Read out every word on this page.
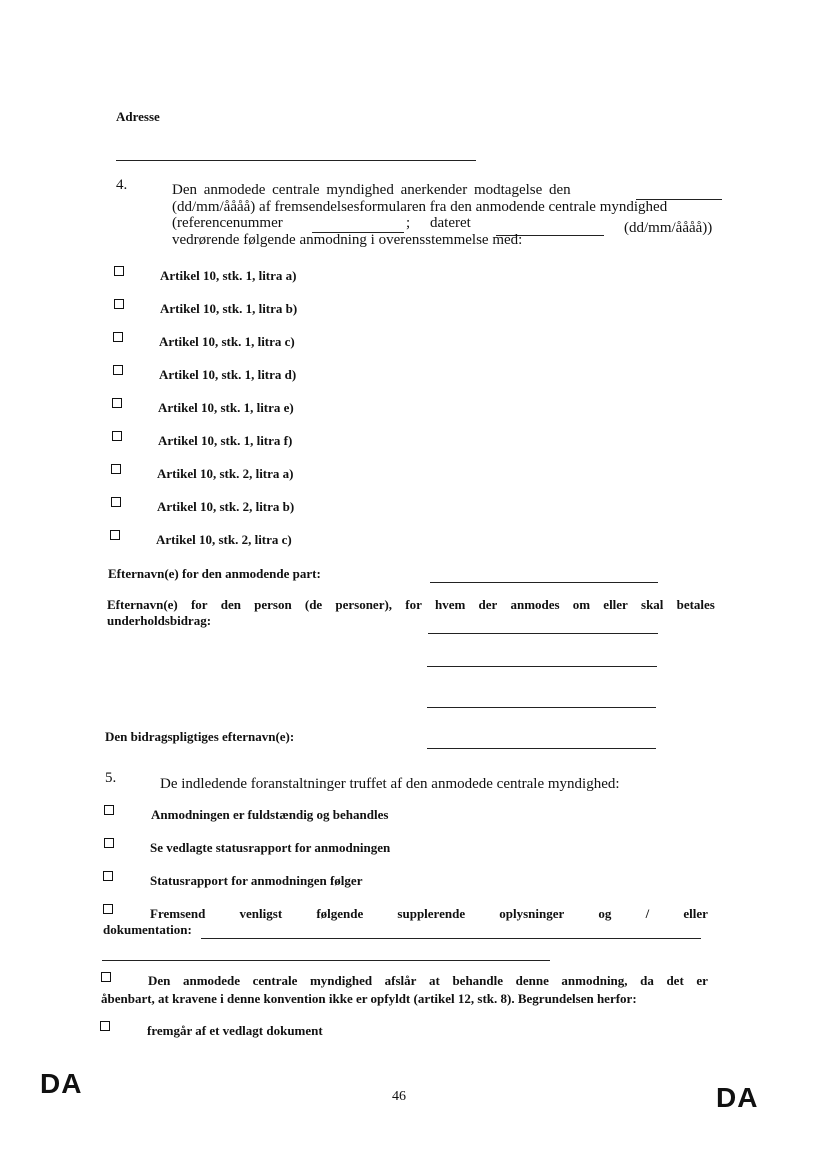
Adresse
4.	Den anmodede centrale myndighed anerkender modtagelse den
(dd/mm/åååå) af fremsendelsesformularen fra den anmodende centrale myndighed
(referencenummer	; dateret	(dd/mm/åååå))
vedrørende følgende anmodning i overensstemmelse med:
Artikel 10, stk. 1, litra a)
Artikel 10, stk. 1, litra b)
Artikel 10, stk. 1, litra c)
Artikel 10, stk. 1, litra d)
Artikel 10, stk. 1, litra e)
Artikel 10, stk. 1, litra f)
Artikel 10, stk. 2, litra a)
Artikel 10, stk. 2, litra b)
Artikel 10, stk. 2, litra c)
Efternavn(e) for den anmodende part:
Efternavn(e) for den person (de personer), for hvem der anmodes om eller skal betales
underholdsbidrag:
Den bidragspligtiges efternavn(e):
5.	De indledende foranstaltninger truffet af den anmodede centrale myndighed:
Anmodningen er fuldstændig og behandles
Se vedlagte statusrapport for anmodningen
Statusrapport for anmodningen følger
Fremsend	venligst	følgende	supplerende	oplysninger	og	/	eller
dokumentation:
Den anmodede centrale myndighed afslår at behandle denne anmodning, da det er
åbenbart, at kravene i denne konvention ikke er opfyldt (artikel 12, stk. 8). Begrundelsen herfor:
fremgår af et vedlagt dokument
DA	46	DA
